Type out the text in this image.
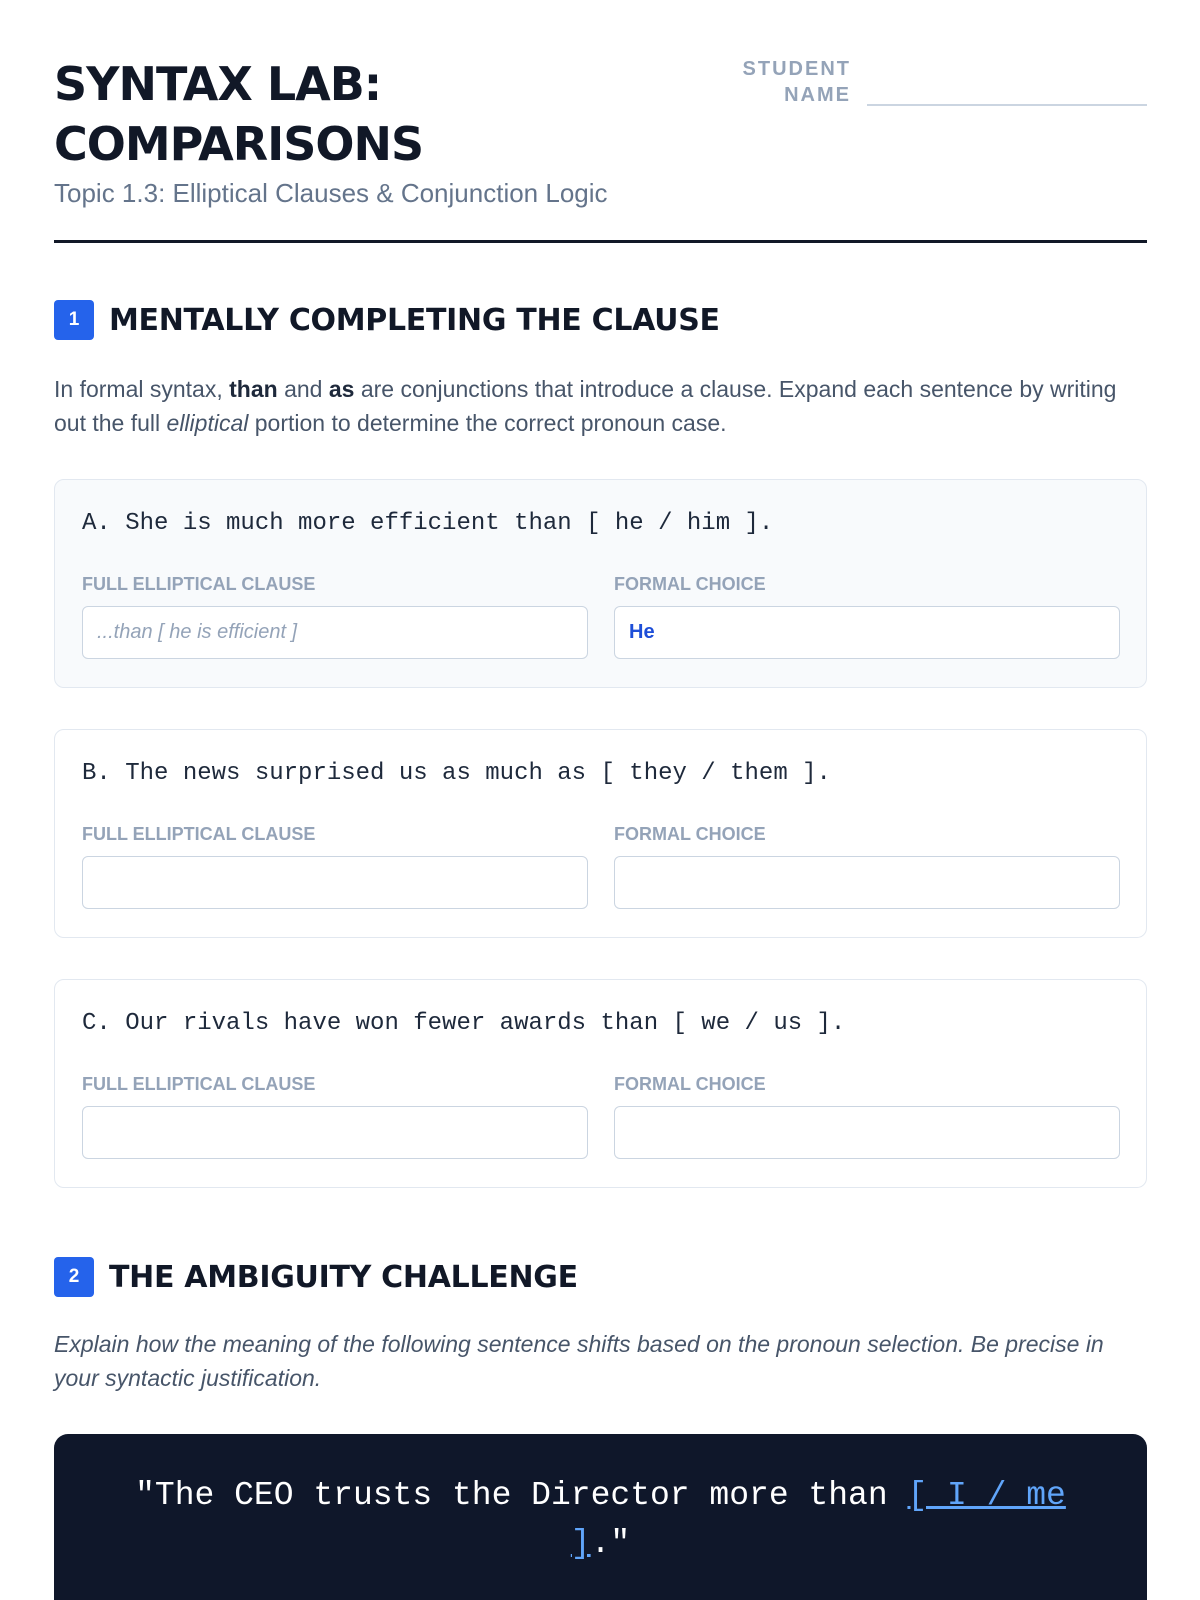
SYNTAX LAB:
COMPARISONS
Topic 1.3: Elliptical Clauses & Conjunction Logic
STUDENT
NAME
1 MENTALLY COMPLETING THE CLAUSE

In formal syntax, than and as are conjunctions that introduce a clause. Expand each sentence by writing out the full elliptical portion to determine the correct pronoun case.

A. She is much more efficient than [ he / him ].
FULL ELLIPTICAL CLAUSE	FORMAL CHOICE
...than [ he is efficient ]	He
B. The news surprised us as much as [ they / them ].
FULL ELLIPTICAL CLAUSE	FORMAL CHOICE
C. Our rivals have won fewer awards than [ we / us ].
FULL ELLIPTICAL CLAUSE	FORMAL CHOICE
2 THE AMBIGUITY CHALLENGE

Explain how the meaning of the following sentence shifts based on the pronoun selection. Be precise in your syntactic justification.

"The CEO trusts the Director more than [ I / me ]."
